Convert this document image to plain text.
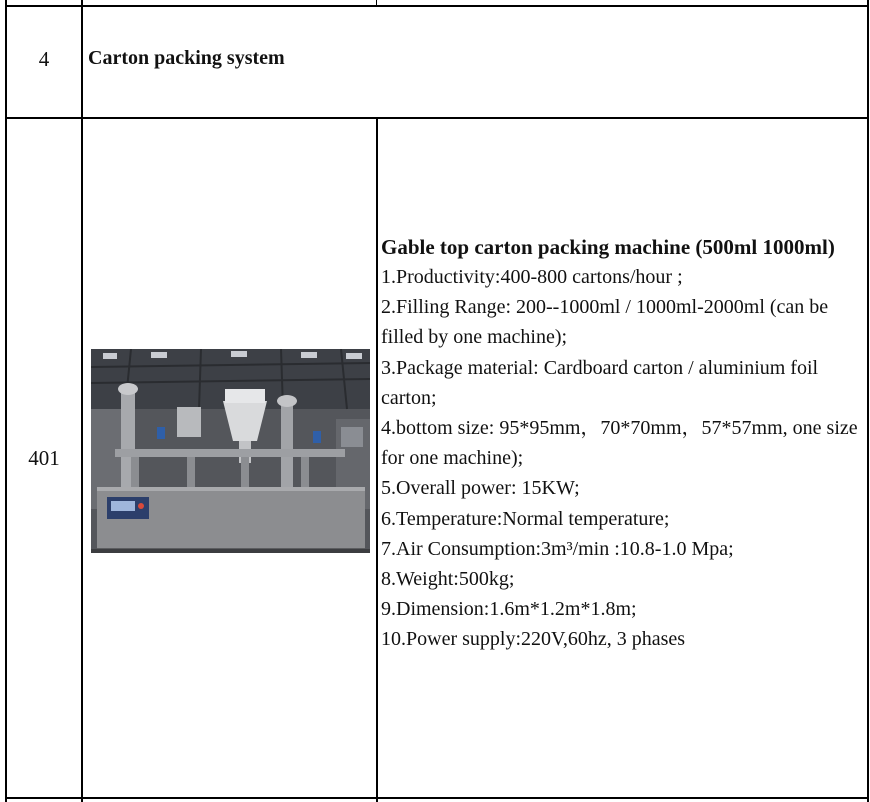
4	Carton packing system
401
Gable top carton packing machine (500ml 1000ml)
1.Productivity:400-800 cartons/hour ;
2.Filling Range: 200--1000ml / 1000ml-2000ml (can be filled by one machine);
3.Package material: Cardboard carton / aluminium foil carton;
4.bottom size: 95*95mm，70*70mm，57*57mm, one size for one machine);
5.Overall power: 15KW;
6.Temperature:Normal temperature;
7.Air Consumption:3m³/min :10.8-1.0 Mpa;
8.Weight:500kg;
9.Dimension:1.6m*1.2m*1.8m;
10.Power supply:220V,60hz, 3 phases
